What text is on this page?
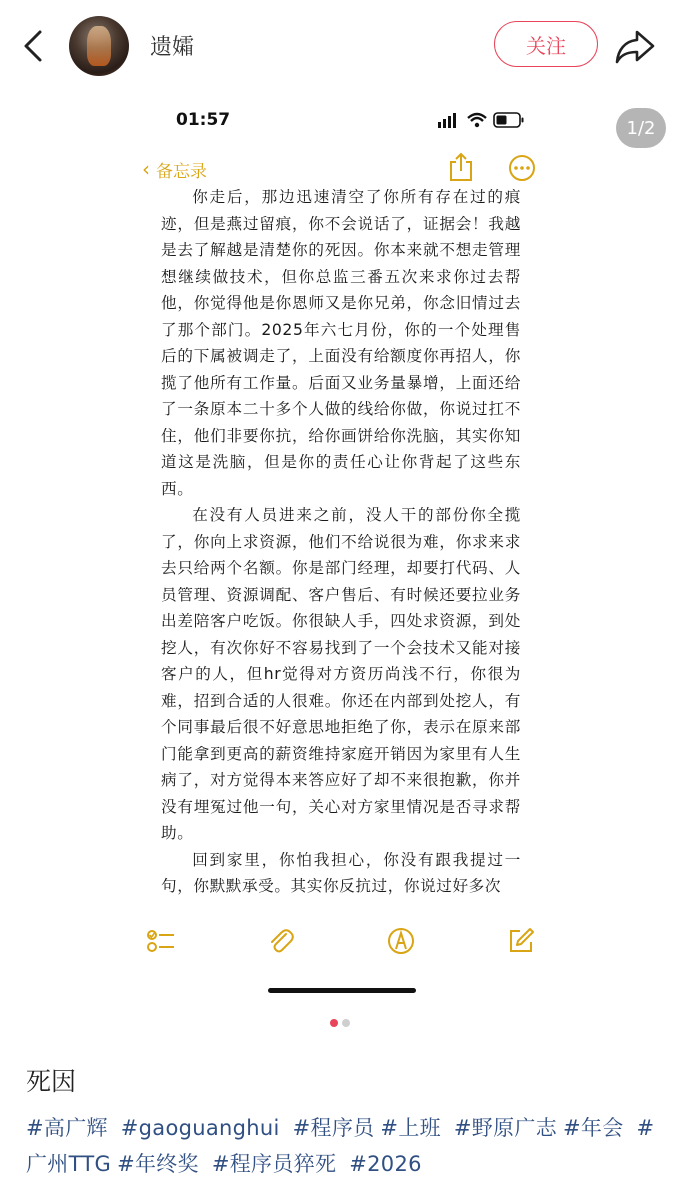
遗孀	关注
01:57
‹ 备忘录

你走后，那边迅速清空了你所有存在过的痕迹，但是燕过留痕，你不会说话了，证据会！我越是去了解越是清楚你的死因。你本来就不想走管理想继续做技术，但你总监三番五次来求你过去帮他，你觉得他是你恩师又是你兄弟，你念旧情过去了那个部门。2025年六七月份，你的一个处理售后的下属被调走了，上面没有给额度你再招人，你揽了他所有工作量。后面又业务量暴增，上面还给了一条原本二十多个人做的线给你做，你说过扛不住，他们非要你抗，给你画饼给你洗脑，其实你知道这是洗脑，但是你的责任心让你背起了这些东西。

在没有人员进来之前，没人干的部份你全揽了，你向上求资源，他们不给说很为难，你求来求去只给两个名额。你是部门经理，却要打代码、人员管理、资源调配、客户售后、有时候还要拉业务出差陪客户吃饭。你很缺人手，四处求资源，到处挖人，有次你好不容易找到了一个会技术又能对接客户的人，但hr觉得对方资历尚浅不行，你很为难，招到合适的人很难。你还在内部到处挖人，有个同事最后很不好意思地拒绝了你，表示在原来部门能拿到更高的薪资维持家庭开销因为家里有人生病了，对方觉得本来答应好了却不来很抱歉，你并没有埋冤过他一句，关心对方家里情况是否寻求帮助。

回到家里，你怕我担心，你没有跟我提过一句，你默默承受。其实你反抗过，你说过好多次

1/2
死因
#高广辉 #gaoguanghui #程序员 #上班 #野原广志 #年会 #广州TTG #年终奖 #程序员猝死 #2026
